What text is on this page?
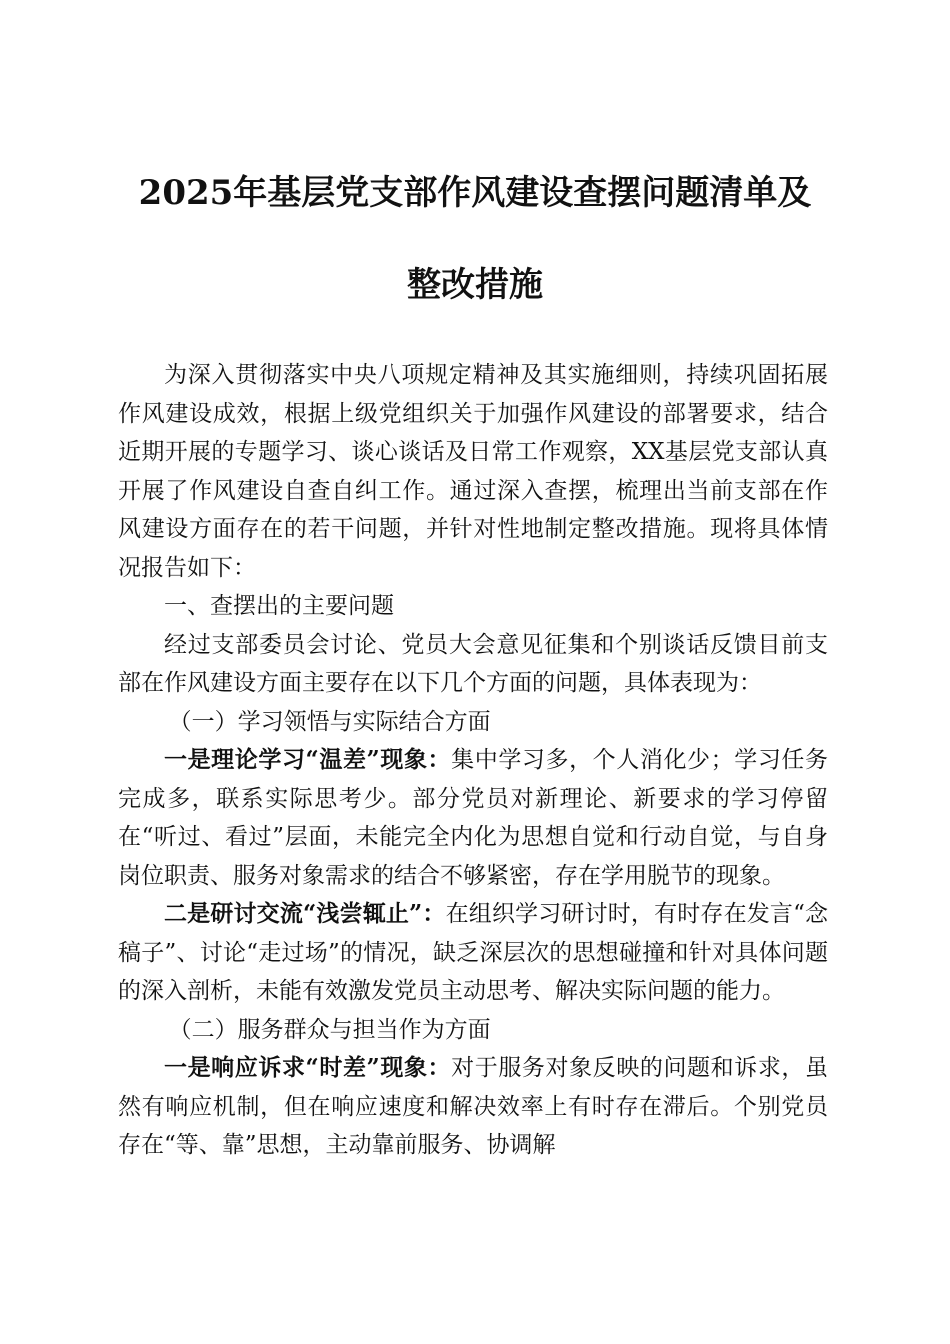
2025年基层党支部作风建设查摆问题清单及
整改措施

为深入贯彻落实中央八项规定精神及其实施细则，持续巩固拓展作风建设成效，根据上级党组织关于加强作风建设的部署要求，结合近期开展的专题学习、谈心谈话及日常工作观察，XX基层党支部认真开展了作风建设自查自纠工作。通过深入查摆，梳理出当前支部在作风建设方面存在的若干问题，并针对性地制定整改措施。现将具体情况报告如下：

一、查摆出的主要问题

经过支部委员会讨论、党员大会意见征集和个别谈话反馈目前支部在作风建设方面主要存在以下几个方面的问题，具体表现为：

（一）学习领悟与实际结合方面

一是理论学习“温差”现象：集中学习多，个人消化少；学习任务完成多，联系实际思考少。部分党员对新理论、新要求的学习停留在“听过、看过”层面，未能完全内化为思想自觉和行动自觉，与自身岗位职责、服务对象需求的结合不够紧密，存在学用脱节的现象。

二是研讨交流“浅尝辄止”：在组织学习研讨时，有时存在发言“念稿子”、讨论“走过场”的情况，缺乏深层次的思想碰撞和针对具体问题的深入剖析，未能有效激发党员主动思考、解决实际问题的能力。

（二）服务群众与担当作为方面

一是响应诉求“时差”现象：对于服务对象反映的问题和诉求，虽然有响应机制，但在响应速度和解决效率上有时存在滞后。个别党员存在“等、靠”思想，主动靠前服务、协调解
